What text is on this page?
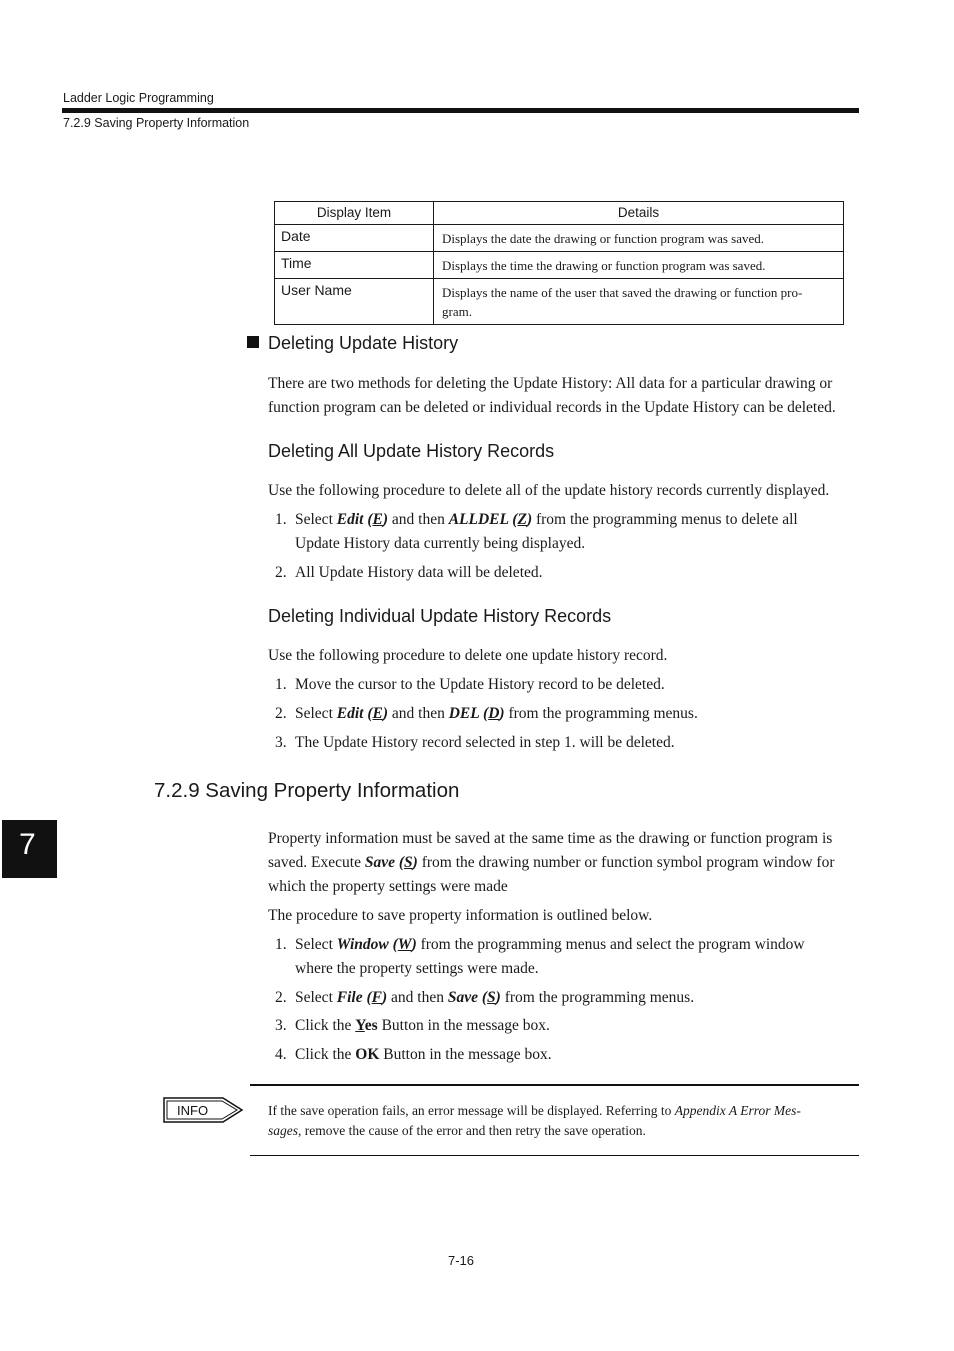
Ladder Logic Programming
7.2.9 Saving Property Information
Display Item	Details
Date	Displays the date the drawing or function program was saved.
Time	Displays the time the drawing or function program was saved.
User Name	Displays the name of the user that saved the drawing or function pro-
gram.
Deleting Update History
There are two methods for deleting the Update History: All data for a particular drawing or
function program can be deleted or individual records in the Update History can be deleted.
Deleting All Update History Records
Use the following procedure to delete all of the update history records currently displayed.
1. Select Edit (E) and then ALLDEL (Z) from the programming menus to delete all
Update History data currently being displayed.
2. All Update History data will be deleted.
Deleting Individual Update History Records
Use the following procedure to delete one update history record.
1. Move the cursor to the Update History record to be deleted.
2. Select Edit (E) and then DEL (D) from the programming menus.
3. The Update History record selected in step 1. will be deleted.
7.2.9 Saving Property Information
7	Property information must be saved at the same time as the drawing or function program is
saved. Execute Save (S) from the drawing number or function symbol program window for
which the property settings were made
The procedure to save property information is outlined below.
1. Select Window (W) from the programming menus and select the program window
where the property settings were made.
2. Select File (F) and then Save (S) from the programming menus.
3. Click the Yes Button in the message box.
4. Click the OK Button in the message box.
INFO	If the save operation fails, an error message will be displayed. Referring to Appendix A Error Mes-
sages, remove the cause of the error and then retry the save operation.
7-16
